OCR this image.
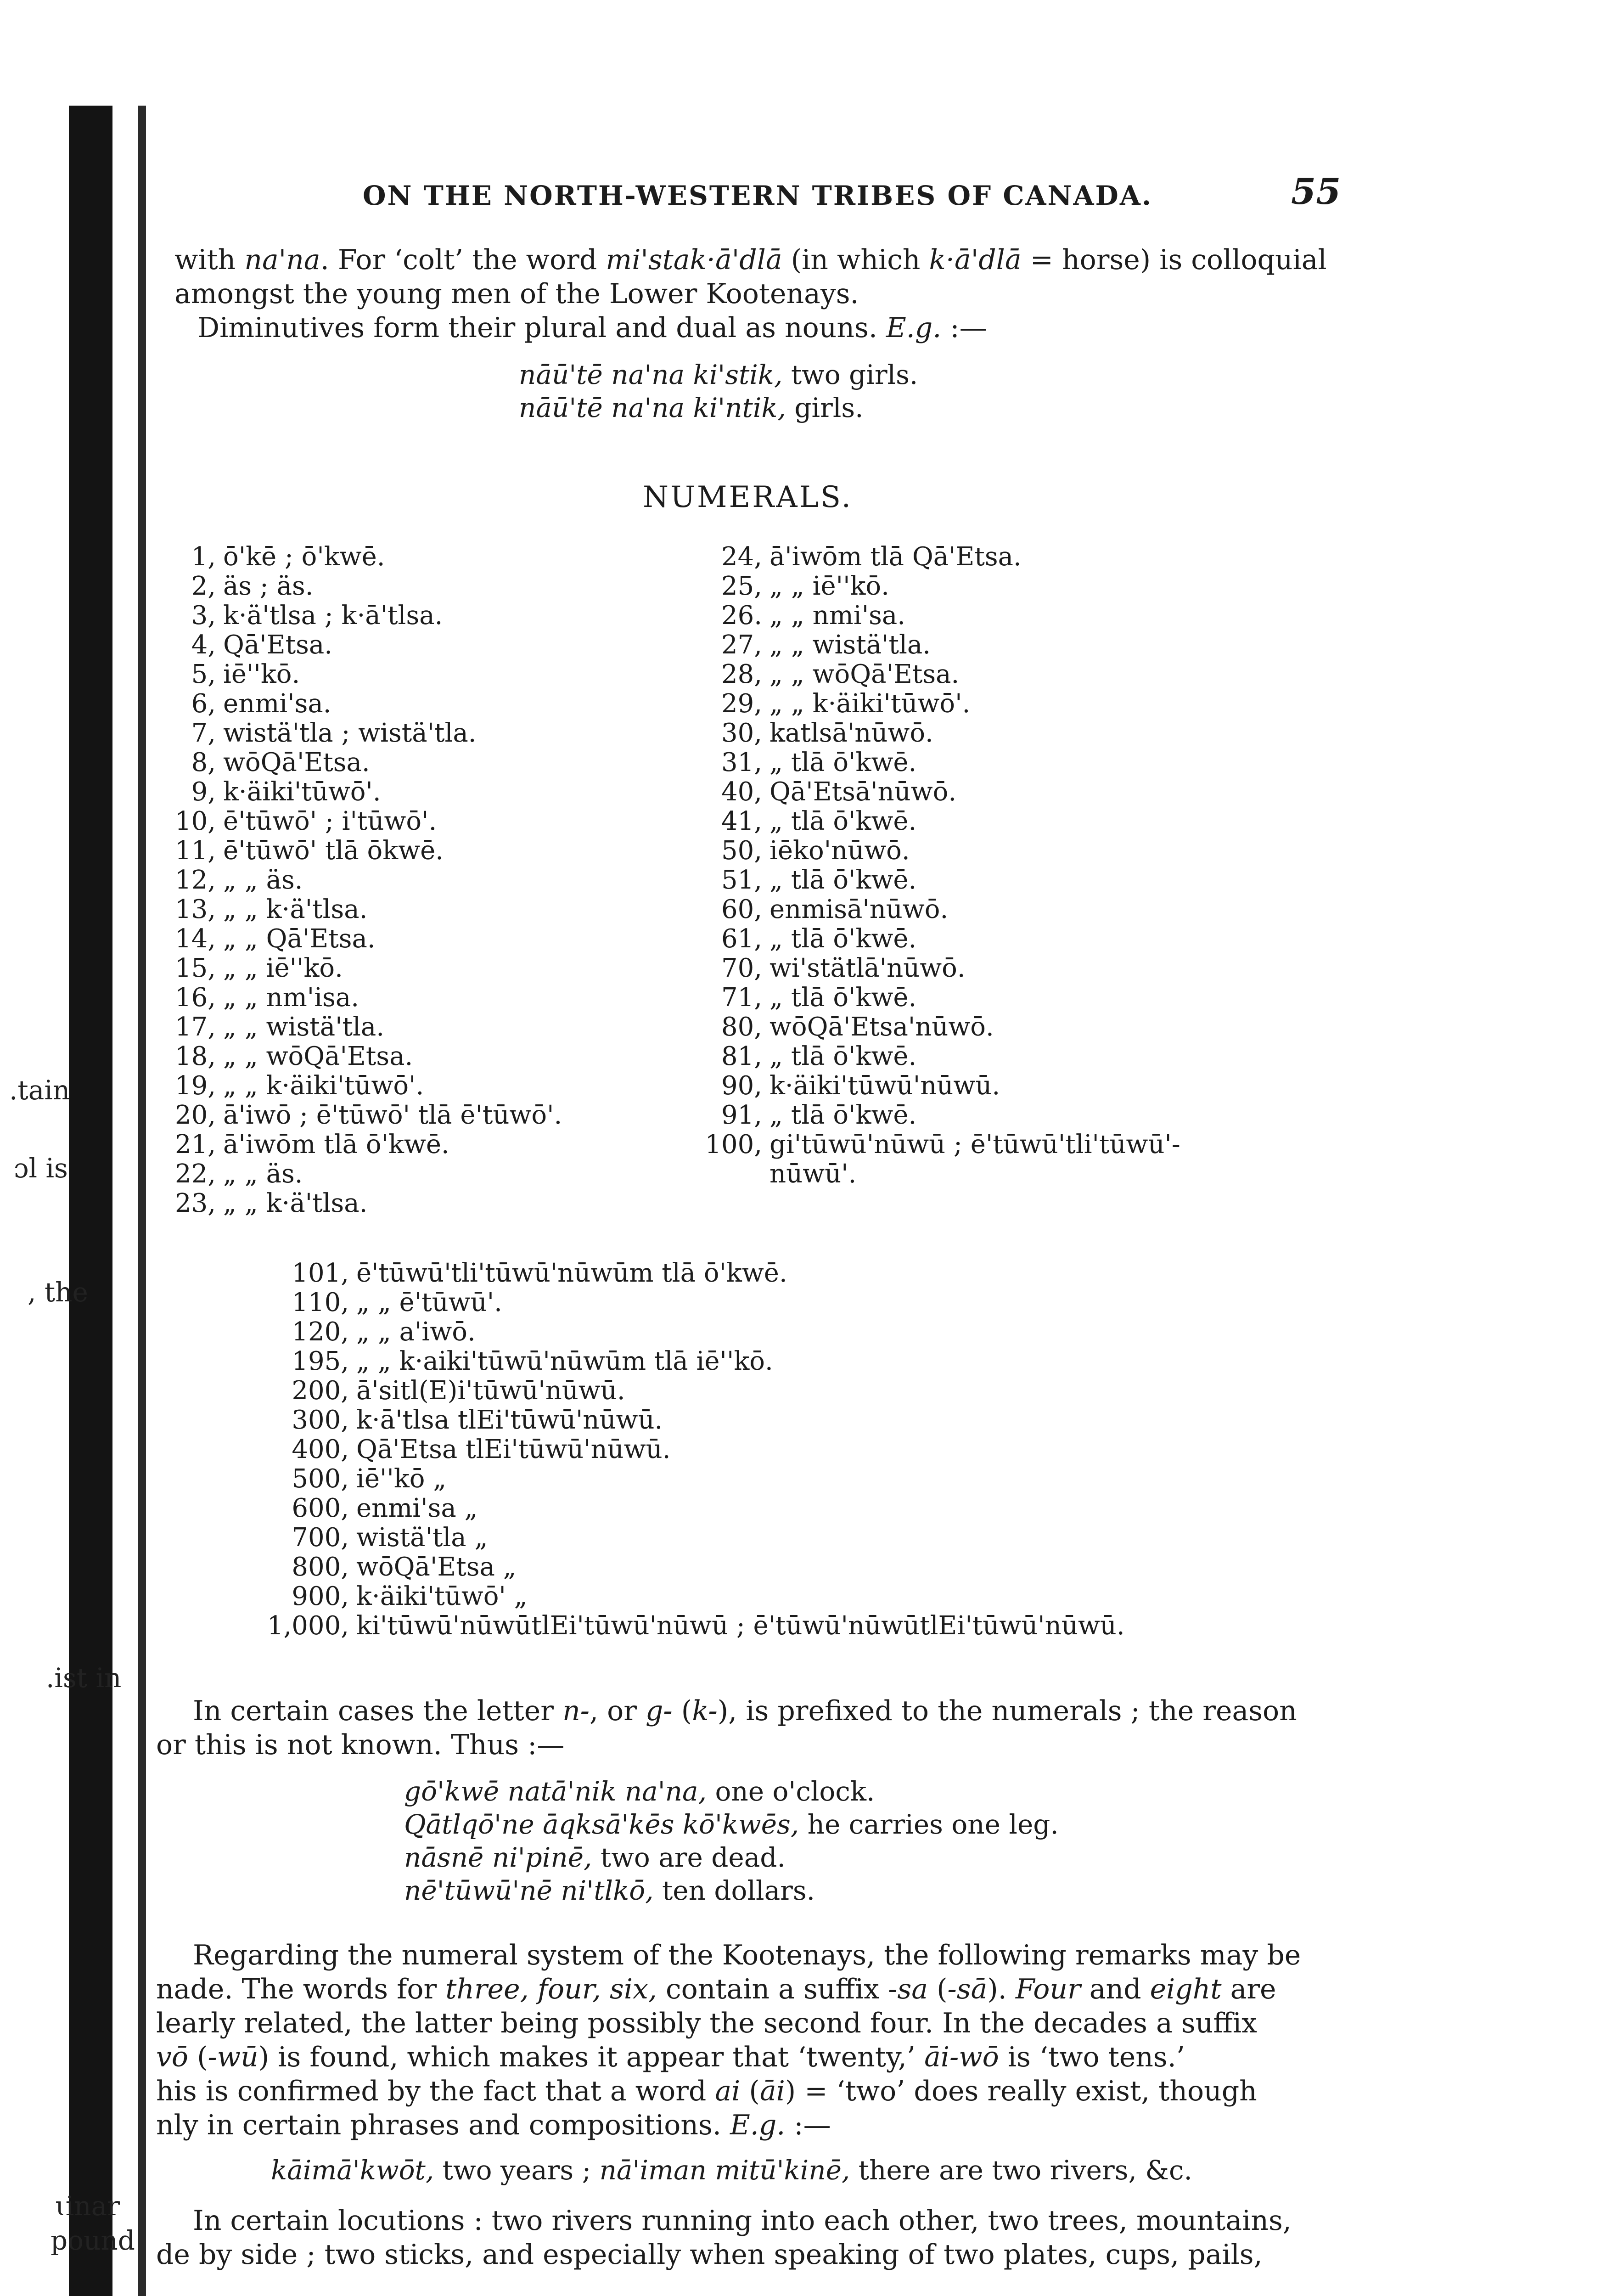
.tain
ɔl is
, the
.ist in
ɩinar
pound
ON THE NORTH-WESTERN TRIBES OF CANADA.	55
with na'na. For ‘colt’ the word mi'stak·ā'dlā (in which k·ā'dlā = horse) is colloquial
amongst the young men of the Lower Kootenays.
Diminutives form their plural and dual as nouns. E.g. :—
nāū'tē na'na ki'stik, two girls.
nāū'tē na'na ki'ntik, girls.
NUMERALS.
1, ō'kē ; ō'kwē.
2, äs ; äs.
3, k·ä'tlsa ; k·ā'tlsa.
4, Qā'Etsa.
5, iē''kō.
6, enmi'sa.
7, wistä'tla ; wistä'tla.
8, wōQā'Etsa.
9, k·äiki'tūwō'.
10, ē'tūwō' ; i'tūwō'.
11, ē'tūwō' tlā ōkwē.
12, „ „ äs.
13, „ „ k·ä'tlsa.
14, „ „ Qā'Etsa.
15, „ „ iē''kō.
16, „ „ nm'isa.
17, „ „ wistä'tla.
18, „ „ wōQā'Etsa.
19, „ „ k·äiki'tūwō'.
20, ā'iwō ; ē'tūwō' tlā ē'tūwō'.
21, ā'iwōm tlā ō'kwē.
22, „ „ äs.
23, „ „ k·ä'tlsa.
24, ā'iwōm tlā Qā'Etsa.
25, „ „ iē''kō.
26. „ „ nmi'sa.
27, „ „ wistä'tla.
28, „ „ wōQā'Etsa.
29, „ „ k·äiki'tūwō'.
30, katlsā'nūwō.
31, „ tlā ō'kwē.
40, Qā'Etsā'nūwō.
41, „ tlā ō'kwē.
50, iēko'nūwō.
51, „ tlā ō'kwē.
60, enmisā'nūwō.
61, „ tlā ō'kwē.
70, wi'stätlā'nūwō.
71, „ tlā ō'kwē.
80, wōQā'Etsa'nūwō.
81, „ tlā ō'kwē.
90, k·äiki'tūwū'nūwū.
91, „ tlā ō'kwē.
100, gi'tūwū'nūwū ; ē'tūwū'tli'tūwū'-
nūwū'.
101, ē'tūwū'tli'tūwū'nūwūm tlā ō'kwē.
110, „ „ ē'tūwū'.
120, „ „ a'iwō.
195, „ „ k·aiki'tūwū'nūwūm tlā iē''kō.
200, ā'sitl(E)i'tūwū'nūwū.
300, k·ā'tlsa tlEi'tūwū'nūwū.
400, Qā'Etsa tlEi'tūwū'nūwū.
500, iē''kō „
600, enmi'sa „
700, wistä'tla „
800, wōQā'Etsa „
900, k·äiki'tūwō' „
1,000, ki'tūwū'nūwūtlEi'tūwū'nūwū ; ē'tūwū'nūwūtlEi'tūwū'nūwū.
In certain cases the letter n-, or g- (k-), is prefixed to the numerals ; the reason
or this is not known. Thus :—
gō'kwē natā'nik na'na, one o'clock.
Qātlqō'ne āqksā'kēs kō'kwēs, he carries one leg.
nāsnē ni'pinē, two are dead.
nē'tūwū'nē ni'tlkō, ten dollars.
Regarding the numeral system of the Kootenays, the following remarks may be
nade. The words for three, four, six, contain a suffix -sa (-sā). Four and eight are
learly related, the latter being possibly the second four. In the decades a suffix
vō (-wū) is found, which makes it appear that ‘twenty,’ āi-wō is ‘two tens.’
his is confirmed by the fact that a word ai (āi) = ‘two’ does really exist, though
nly in certain phrases and compositions. E.g. :—
kāimā'kwōt, two years ; nā'iman mitū'kinē, there are two rivers, &c.
In certain locutions : two rivers running into each other, two trees, mountains,
de by side ; two sticks, and especially when speaking of two plates, cups, pails,
